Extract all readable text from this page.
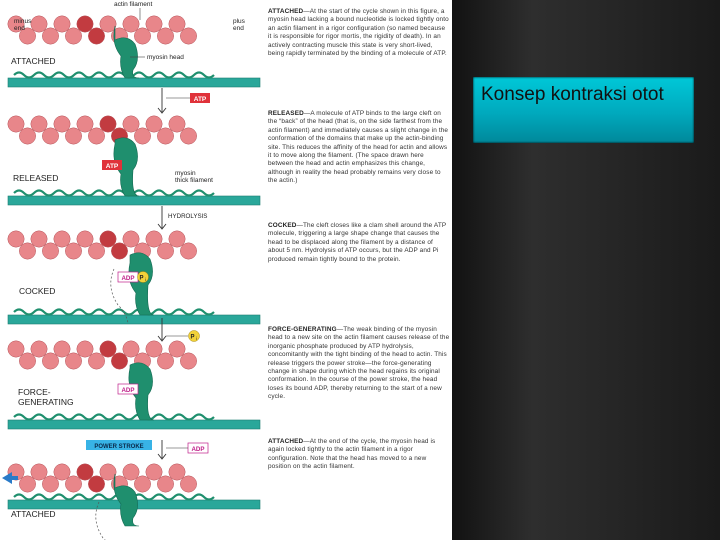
minus end
plus end
actin filament
ATTACHED
RELEASED
COCKED
FORCE-GENERATING
ATTACHED
myosin head
myosin thick filament
HYDROLYSIS
ATP
ATP
ADP P i
P i
ADP
POWER STROKE	ADP
ATTACHED—At the start of the cycle shown in this figure, a myosin head lacking a bound nucleotide is locked tightly onto an actin filament in a rigor configuration (so named because it is responsible for rigor mortis, the rigidity of death). In an actively contracting muscle this state is very short-lived, being rapidly terminated by the binding of a molecule of ATP.
RELEASED—A molecule of ATP binds to the large cleft on the “back” of the head (that is, on the side farthest from the actin filament) and immediately causes a slight change in the conformation of the domains that make up the actin-binding site. This reduces the affinity of the head for actin and allows it to move along the filament. (The space drawn here between the head and actin emphasizes this change, although in reality the head probably remains very close to the actin.)
COCKED—The cleft closes like a clam shell around the ATP molecule, triggering a large shape change that causes the head to be displaced along the filament by a distance of about 5 nm. Hydrolysis of ATP occurs, but the ADP and Pi produced remain tightly bound to the protein.
FORCE-GENERATING—The weak binding of the myosin head to a new site on the actin filament causes release of the inorganic phosphate produced by ATP hydrolysis, concomitantly with the tight binding of the head to actin. This release triggers the power stroke—the force-generating change in shape during which the head regains its original conformation. In the course of the power stroke, the head loses its bound ADP, thereby returning to the start of a new cycle.
ATTACHED—At the end of the cycle, the myosin head is again locked tightly to the actin filament in a rigor configuration. Note that the head has moved to a new position on the actin filament.
Konsep kontraksi otot
